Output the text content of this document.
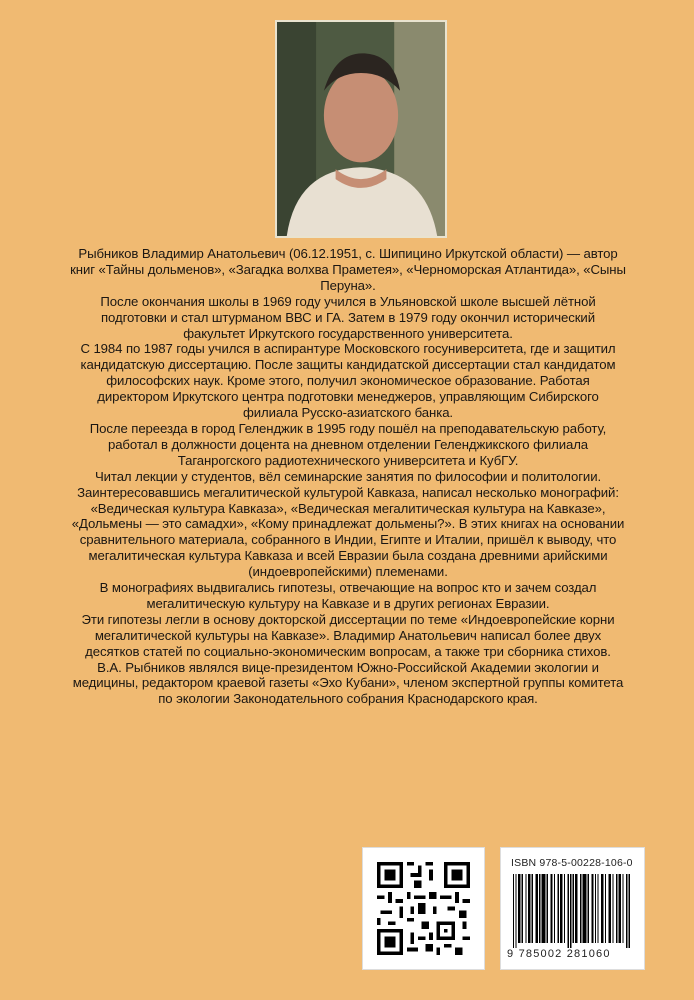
Рыбников Владимир Анатольевич (06.12.1951, с. Шипицино Иркутской области) — автор книг «Тайны дольменов», «Загадка волхва Праметея», «Черноморская Атлантида», «Сыны Перуна».

После окончания школы в 1969 году учился в Ульяновской школе высшей лётной подготовки и стал штурманом ВВС и ГА. Затем в 1979 году окончил исторический факультет Иркутского государственного университета.

С 1984 по 1987 годы учился в аспирантуре Московского госуниверситета, где и защитил кандидатскую диссертацию. После защиты кандидатской диссертации стал кандидатом философских наук. Кроме этого, получил экономическое образование. Работая директором Иркутского центра подготовки менеджеров, управляющим Сибирского филиала Русско-азиатского банка.

После переезда в город Геленджик в 1995 году пошёл на преподавательскую работу, работал в должности доцента на дневном отделении Геленджикского филиала Таганрогского радиотехнического университета и КубГУ.

Читал лекции у студентов, вёл семинарские занятия по философии и политологии. Заинтересовавшись мегалитической культурой Кавказа, написал несколько монографий: «Ведическая культура Кавказа», «Ведическая мегалитическая культура на Кавказе», «Дольмены — это самадхи», «Кому принадлежат дольмены?». В этих книгах на основании сравнительного материала, собранного в Индии, Египте и Италии, пришёл к выводу, что мегалитическая культура Кавказа и всей Евразии была создана древними арийскими (индоевропейскими) племенами.

В монографиях выдвигались гипотезы, отвечающие на вопрос кто и зачем создал мегалитическую культуру на Кавказе и в других регионах Евразии.

Эти гипотезы легли в основу докторской диссертации по теме «Индоевропейские корни мегалитической культуры на Кавказе». Владимир Анатольевич написал более двух десятков статей по социально-экономическим вопросам, а также три сборника стихов.

В.А. Рыбников являлся вице-президентом Южно-Российской Академии экологии и медицины, редактором краевой газеты «Эхо Кубани», членом экспертной группы комитета по экологии Законодательного собрания Краснодарского края.

ISBN 978-5-00228-106-0
9 785002 281060
